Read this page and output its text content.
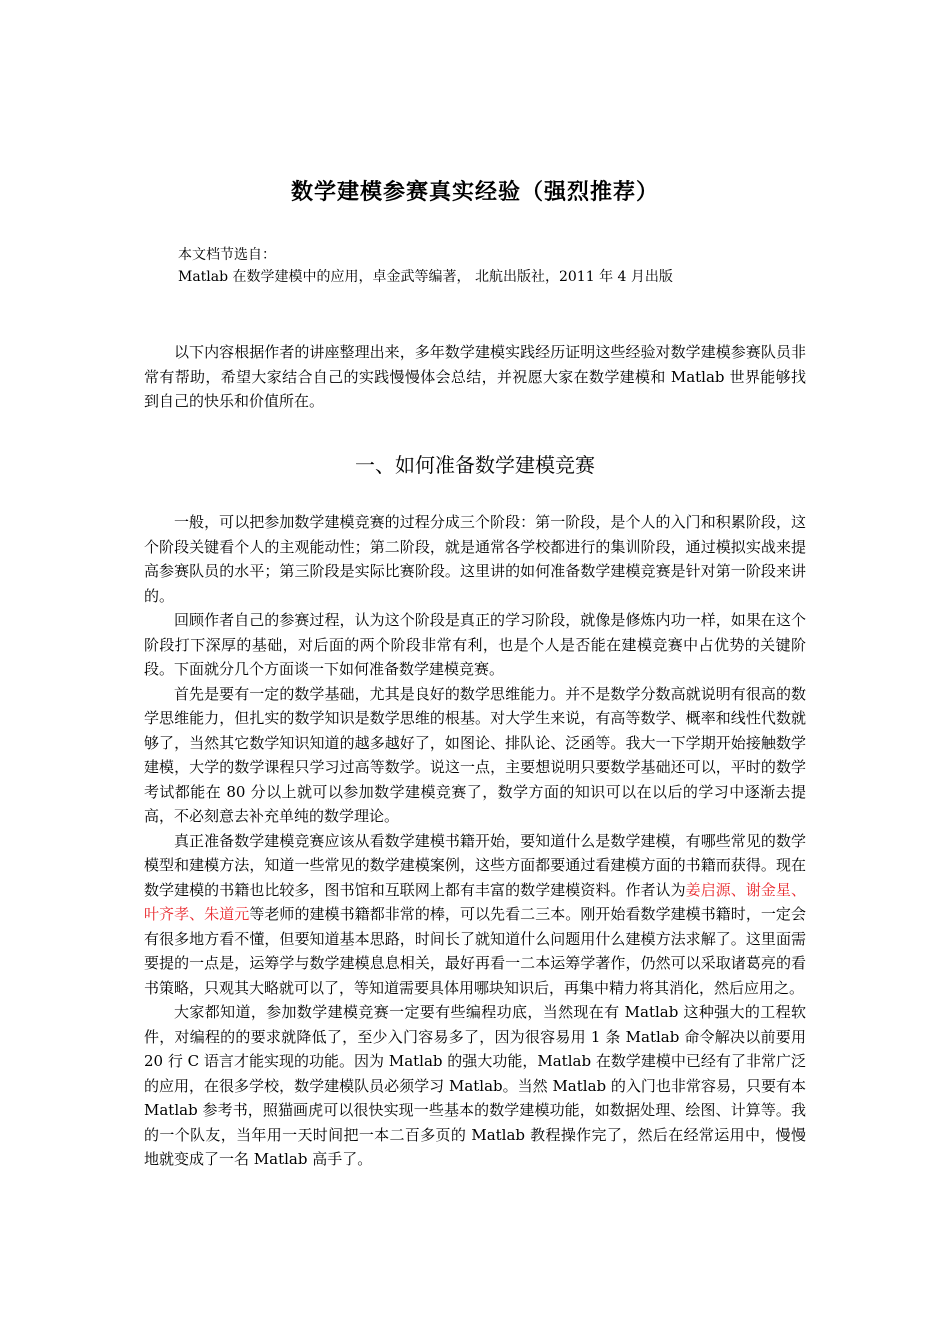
数学建模参赛真实经验（强烈推荐）
本文档节选自：
Matlab 在数学建模中的应用，卓金武等编著， 北航出版社，2011 年 4 月出版

以下内容根据作者的讲座整理出来，多年数学建模实践经历证明这些经验对数学建模参赛队员非常有帮助，希望大家结合自己的实践慢慢体会总结，并祝愿大家在数学建模和 Matlab 世界能够找到自己的快乐和价值所在。

一、如何准备数学建模竞赛

一般，可以把参加数学建模竞赛的过程分成三个阶段：第一阶段，是个人的入门和积累阶段，这个阶段关键看个人的主观能动性；第二阶段，就是通常各学校都进行的集训阶段，通过模拟实战来提高参赛队员的水平；第三阶段是实际比赛阶段。这里讲的如何准备数学建模竞赛是针对第一阶段来讲的。

回顾作者自己的参赛过程，认为这个阶段是真正的学习阶段，就像是修炼内功一样，如果在这个阶段打下深厚的基础，对后面的两个阶段非常有利，也是个人是否能在建模竞赛中占优势的关键阶段。下面就分几个方面谈一下如何准备数学建模竞赛。

首先是要有一定的数学基础，尤其是良好的数学思维能力。并不是数学分数高就说明有很高的数学思维能力，但扎实的数学知识是数学思维的根基。对大学生来说，有高等数学、概率和线性代数就够了，当然其它数学知识知道的越多越好了，如图论、排队论、泛函等。我大一下学期开始接触数学建模，大学的数学课程只学习过高等数学。说这一点，主要想说明只要数学基础还可以，平时的数学考试都能在 80 分以上就可以参加数学建模竞赛了，数学方面的知识可以在以后的学习中逐渐去提高，不必刻意去补充单纯的数学理论。

真正准备数学建模竞赛应该从看数学建模书籍开始，要知道什么是数学建模，有哪些常见的数学模型和建模方法，知道一些常见的数学建模案例，这些方面都要通过看建模方面的书籍而获得。现在数学建模的书籍也比较多，图书馆和互联网上都有丰富的数学建模资料。作者认为姜启源、谢金星、叶齐孝、朱道元等老师的建模书籍都非常的棒，可以先看二三本。刚开始看数学建模书籍时，一定会有很多地方看不懂，但要知道基本思路，时间长了就知道什么问题用什么建模方法求解了。这里面需要提的一点是，运筹学与数学建模息息相关，最好再看一二本运筹学著作，仍然可以采取诸葛亮的看书策略，只观其大略就可以了，等知道需要具体用哪块知识后，再集中精力将其消化，然后应用之。

大家都知道，参加数学建模竞赛一定要有些编程功底，当然现在有 Matlab 这种强大的工程软件，对编程的的要求就降低了，至少入门容易多了，因为很容易用 1 条 Matlab 命令解决以前要用 20 行 C 语言才能实现的功能。因为 Matlab 的强大功能，Matlab 在数学建模中已经有了非常广泛的应用，在很多学校，数学建模队员必须学习 Matlab。当然 Matlab 的入门也非常容易，只要有本 Matlab 参考书，照猫画虎可以很快实现一些基本的数学建模功能，如数据处理、绘图、计算等。我的一个队友，当年用一天时间把一本二百多页的 Matlab 教程操作完了，然后在经常运用中，慢慢地就变成了一名 Matlab 高手了。
